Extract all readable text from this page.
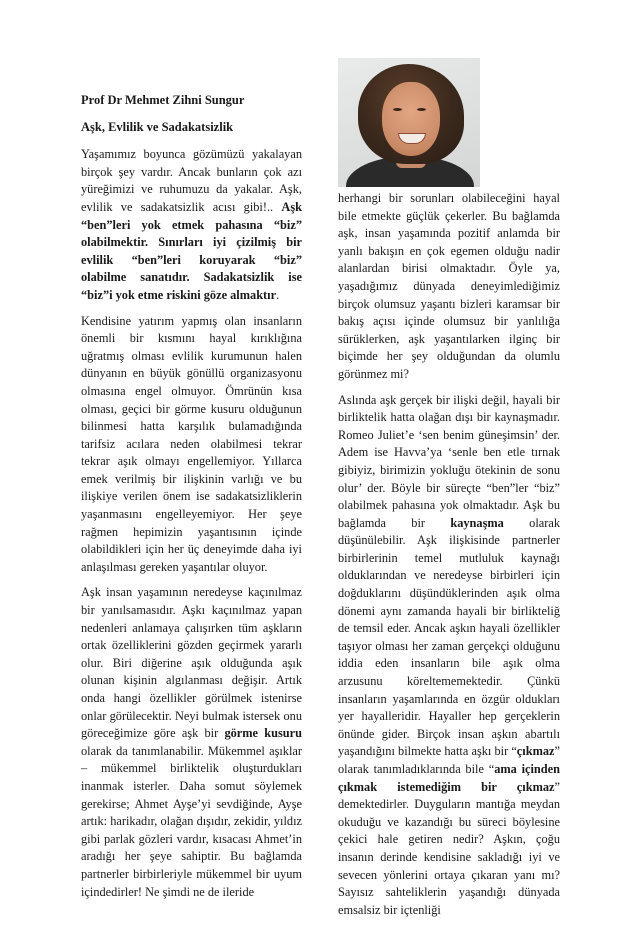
Prof Dr Mehmet Zihni Sungur

Aşk, Evlilik ve Sadakatsizlik

Yaşamımız boyunca gözümüzü yakalayan birçok şey vardır. Ancak bunların çok azı yüreğimizi ve ruhumuzu da yakalar. Aşk, evlilik ve sadakatsizlik acısı gibi!.. Aşk “ben”leri yok etmek pahasına “biz” olabilmektir. Sınırları iyi çizilmiş bir evlilik “ben”leri koruyarak “biz” olabilme sanatıdır. Sadakatsizlik ise “biz”i yok etme riskini göze almaktır.

Kendisine yatırım yapmış olan insanların önemli bir kısmını hayal kırıklığına uğratmış olması evlilik kurumunun halen dünyanın en büyük gönüllü organizasyonu olmasına engel olmuyor. Ömrünün kısa olması, geçici bir görme kusuru olduğunun bilinmesi hatta karşılık bulamadığında tarifsiz acılara neden olabilmesi tekrar tekrar aşık olmayı engellemiyor. Yıllarca emek verilmiş bir ilişkinin varlığı ve bu ilişkiye verilen önem ise sadakatsizliklerin yaşanmasını engelleyemiyor. Her şeye rağmen hepimizin yaşantısının içinde olabildikleri için her üç deneyimde daha iyi anlaşılması gereken yaşantılar oluyor.

Aşk insan yaşamının neredeyse kaçınılmaz bir yanılsamasıdır. Aşkı kaçınılmaz yapan nedenleri anlamaya çalışırken tüm aşkların ortak özelliklerini gözden geçirmek yararlı olur. Biri diğerine aşık olduğunda aşık olunan kişinin algılanması değişir. Artık onda hangi özellikler görülmek istenirse onlar görülecektir. Neyi bulmak istersek onu göreceğimize göre aşk bir görme kusuru olarak da tanımlanabilir. Mükemmel aşıklar – mükemmel birliktelik oluşturdukları inanmak isterler. Daha somut söylemek gerekirse; Ahmet Ayşe’yi sevdiğinde, Ayşe artık: harikadır, olağan dışıdır, zekidir, yıldız gibi parlak gözleri vardır, kısacası Ahmet’in aradığı her şeye sahiptir. Bu bağlamda partnerler birbirleriyle mükemmel bir uyum içindedirler! Ne şimdi ne de ileride

herhangi bir sorunları olabileceğini hayal bile etmekte güçlük çekerler. Bu bağlamda aşk, insan yaşamında pozitif anlamda bir yanlı bakışın en çok egemen olduğu nadir alanlardan birisi olmaktadır. Öyle ya, yaşadığımız dünyada deneyimlediğimiz birçok olumsuz yaşantı bizleri karamsar bir bakış açısı içinde olumsuz bir yanlılığa sürüklerken, aşk yaşantılarken ilginç bir biçimde her şey olduğundan da olumlu görünmez mi?

Aslında aşk gerçek bir ilişki değil, hayali bir birliktelik hatta olağan dışı bir kaynaşmadır. Romeo Juliet’e ‘sen benim güneşimsin’ der. Adem ise Havva’ya ‘senle ben etle tırnak gibiyiz, birimizin yokluğu ötekinin de sonu olur’ der. Böyle bir süreçte “ben”ler “biz” olabilmek pahasına yok olmaktadır. Aşk bu bağlamda bir kaynaşma olarak düşünülebilir. Aşk ilişkisinde partnerler birbirlerinin temel mutluluk kaynağı olduklarından ve neredeyse birbirleri için doğduklarını düşündüklerinden aşık olma dönemi aynı zamanda hayali bir birlikteliğ de temsil eder. Ancak aşkın hayali özellikler taşıyor olması her zaman gerçekçi olduğunu iddia eden insanların bile aşık olma arzusunu köreltememektedir. Çünkü insanların yaşamlarında en özgür oldukları yer hayalleridir. Hayaller hep gerçeklerin önünde gider. Birçok insan aşkın abartılı yaşandığını bilmekte hatta aşkı bir “çıkmaz” olarak tanımladıklarında bile “ama içinden çıkmak istemediğim bir çıkmaz” demektedirler. Duyguların mantığa meydan okuduğu ve kazandığı bu süreci böylesine çekici hale getiren nedir? Aşkın, çoğu insanın derinde kendisine sakladığı iyi ve sevecen yönlerini ortaya çıkaran yanı mı? Sayısız sahteliklerin yaşandığı dünyada emsalsiz bir içtenliği
